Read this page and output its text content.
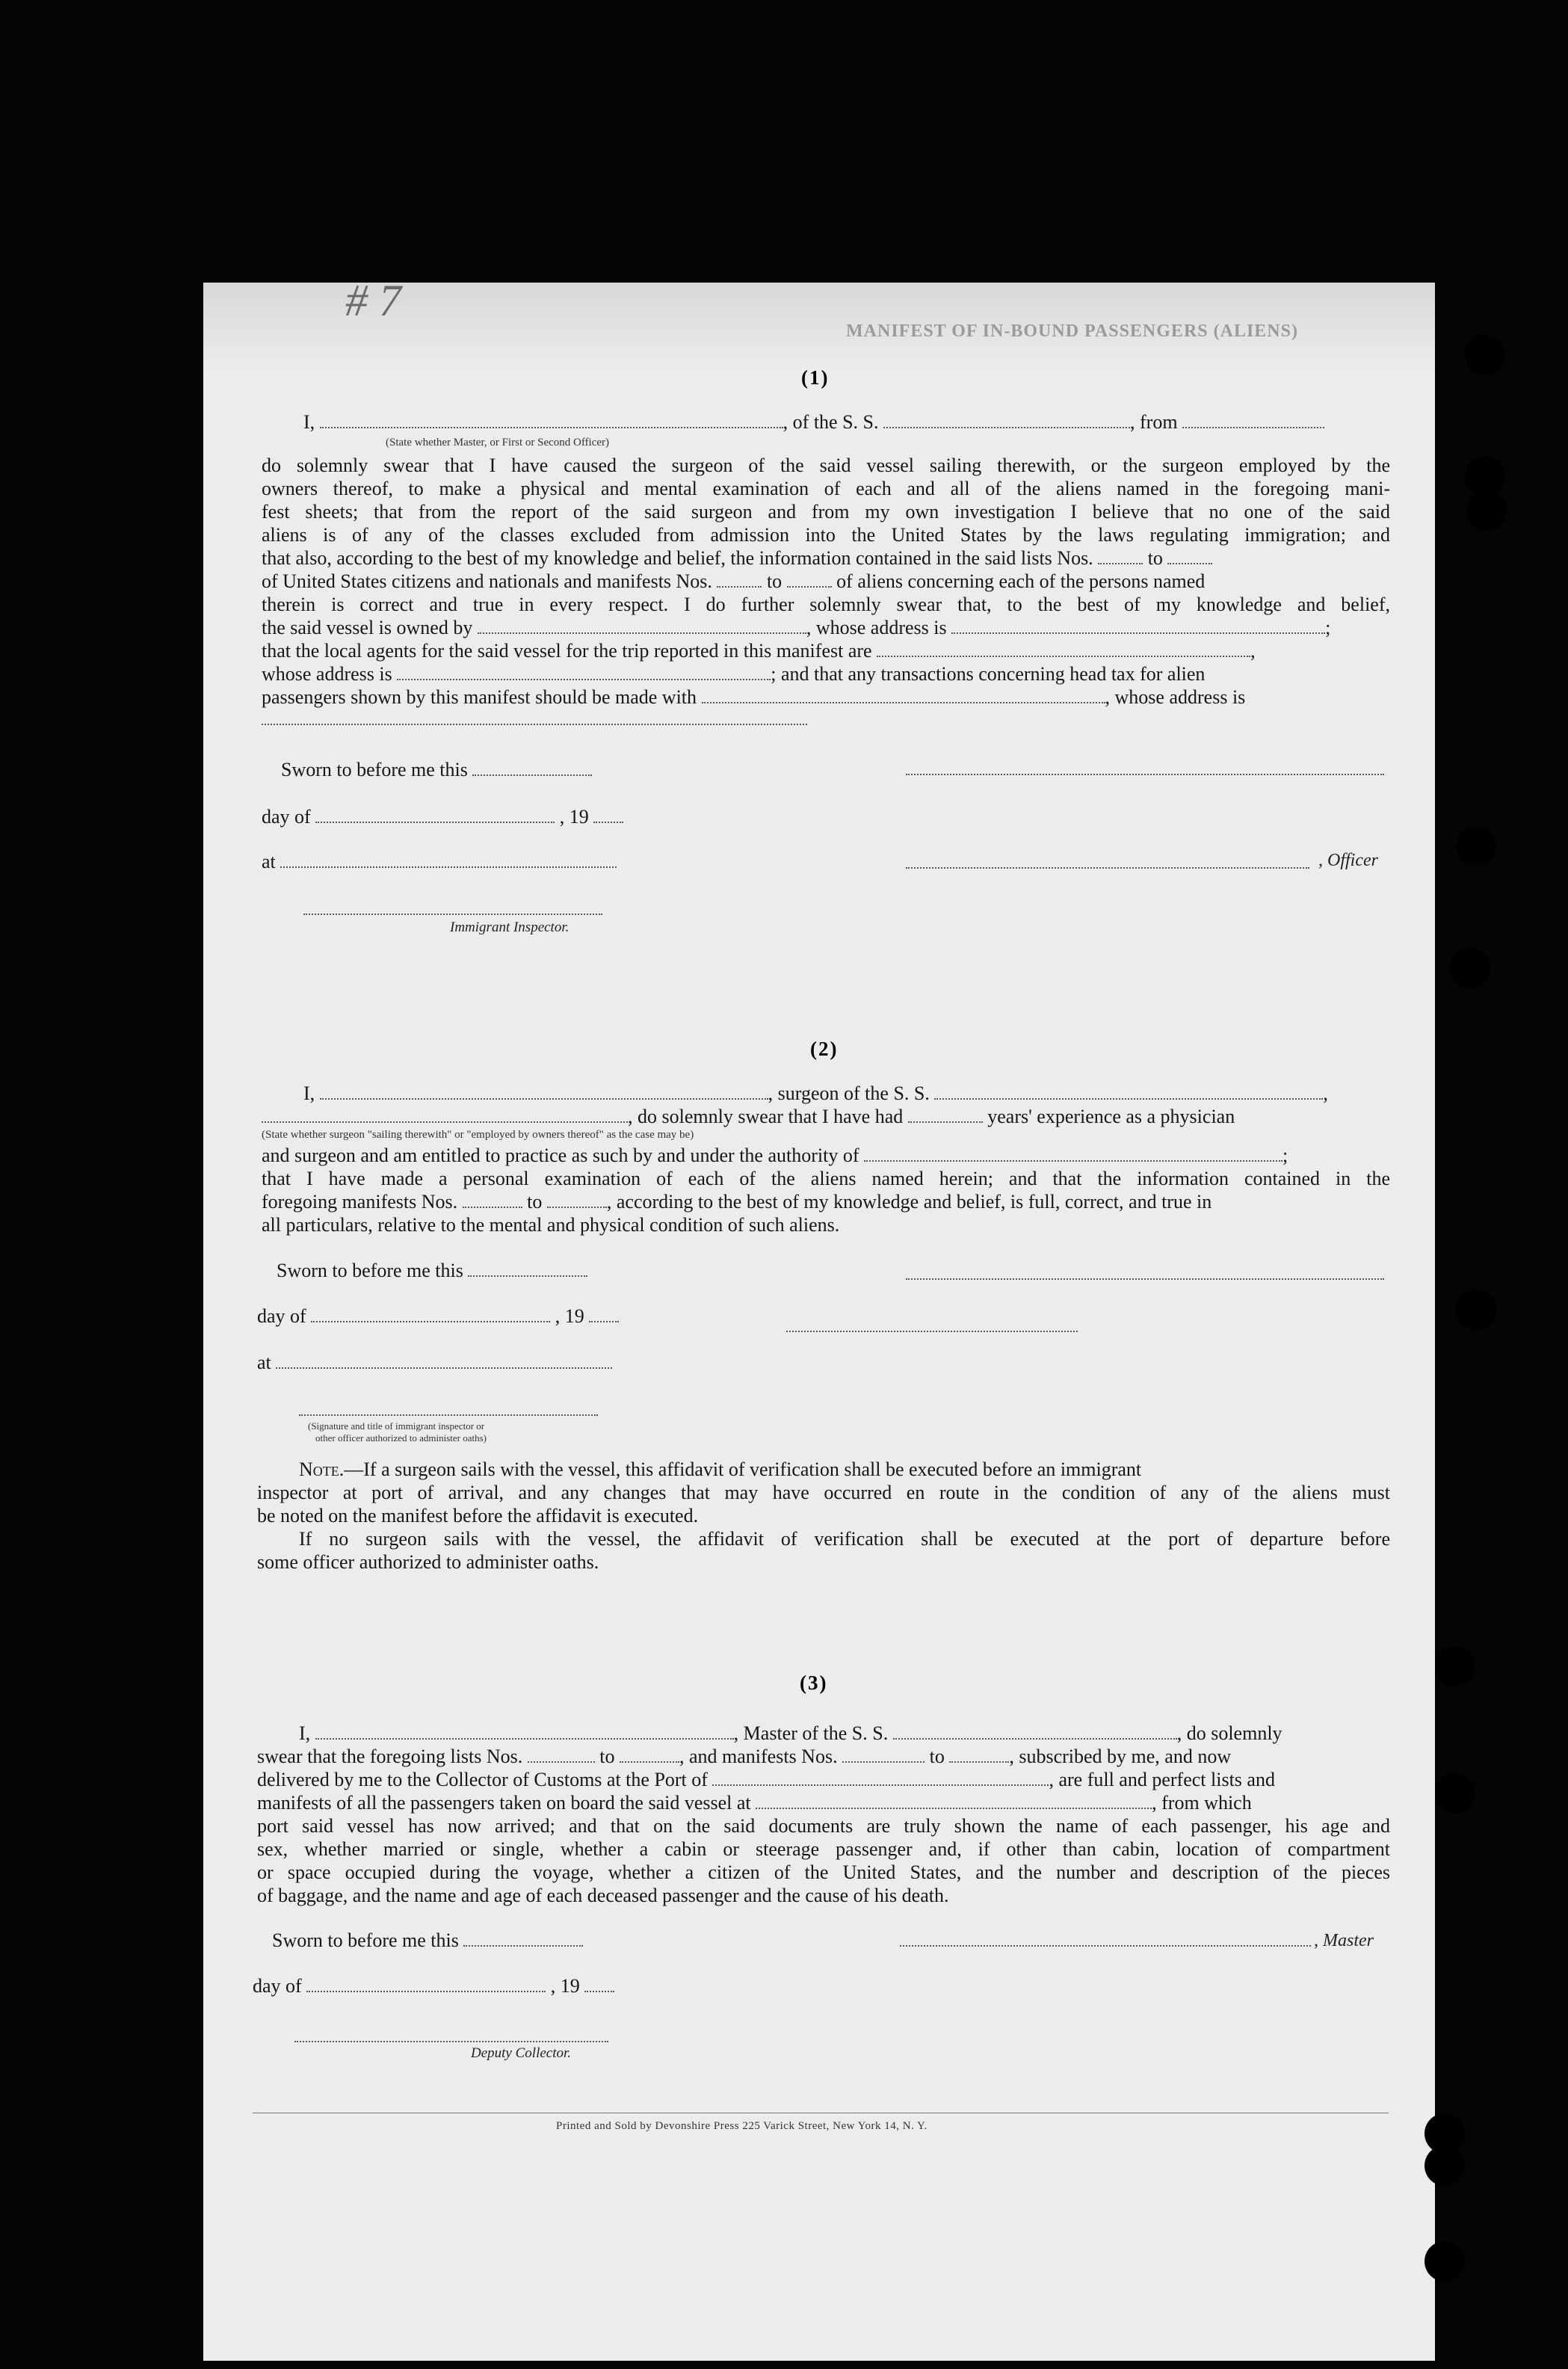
MANIFEST OF IN-BOUND PASSENGERS (ALIENS)
# 7
(1)
I,	, of the S. S.	, from
(State whether Master, or First or Second Officer)
do solemnly swear that I have caused the surgeon of the said vessel sailing therewith, or the surgeon employed by the
owners thereof, to make a physical and mental examination of each and all of the aliens named in the foregoing mani-
fest sheets; that from the report of the said surgeon and from my own investigation I believe that no one of the said
aliens is of any of the classes excluded from admission into the United States by the laws regulating immigration; and
that also, according to the best of my knowledge and belief, the information contained in the said lists Nos.	to
of United States citizens and nationals and manifests Nos.	to	of aliens concerning each of the persons named
therein is correct and true in every respect. I do further solemnly swear that, to the best of my knowledge and belief,
the said vessel is owned by	, whose address is	;
that the local agents for the said vessel for the trip reported in this manifest are	,
whose address is	; and that any transactions concerning head tax for alien
passengers shown by this manifest should be made with	, whose address is
Sworn to before me this
day of	, 19
at	, Officer
Immigrant Inspector.
(2)
I,	, surgeon of the S. S.	,
, do solemnly swear that I have had	years' experience as a physician
(State whether surgeon "sailing therewith" or "employed by owners thereof" as the case may be)
and surgeon and am entitled to practice as such by and under the authority of	;
that I have made a personal examination of each of the aliens named herein; and that the information contained in the
foregoing manifests Nos.	to	, according to the best of my knowledge and belief, is full, correct, and true in
all particulars, relative to the mental and physical condition of such aliens.
Sworn to before me this
day of	, 19
at
(Signature and title of immigrant inspector or
other officer authorized to administer oaths)
Note.—If a surgeon sails with the vessel, this affidavit of verification shall be executed before an immigrant
inspector at port of arrival, and any changes that may have occurred en route in the condition of any of the aliens must
be noted on the manifest before the affidavit is executed.
If no surgeon sails with the vessel, the affidavit of verification shall be executed at the port of departure before
some officer authorized to administer oaths.
(3)
I,	, Master of the S. S.	, do solemnly
swear that the foregoing lists Nos.	to	, and manifests Nos.	to	, subscribed by me, and now
delivered by me to the Collector of Customs at the Port of	, are full and perfect lists and
manifests of all the passengers taken on board the said vessel at	, from which
port said vessel has now arrived; and that on the said documents are truly shown the name of each passenger, his age and
sex, whether married or single, whether a cabin or steerage passenger and, if other than cabin, location of compartment
or space occupied during the voyage, whether a citizen of the United States, and the number and description of the pieces
of baggage, and the name and age of each deceased passenger and the cause of his death.
Sworn to before me this	, Master
day of	, 19
Deputy Collector.
Printed and Sold by Devonshire Press 225 Varick Street, New York 14, N. Y.
